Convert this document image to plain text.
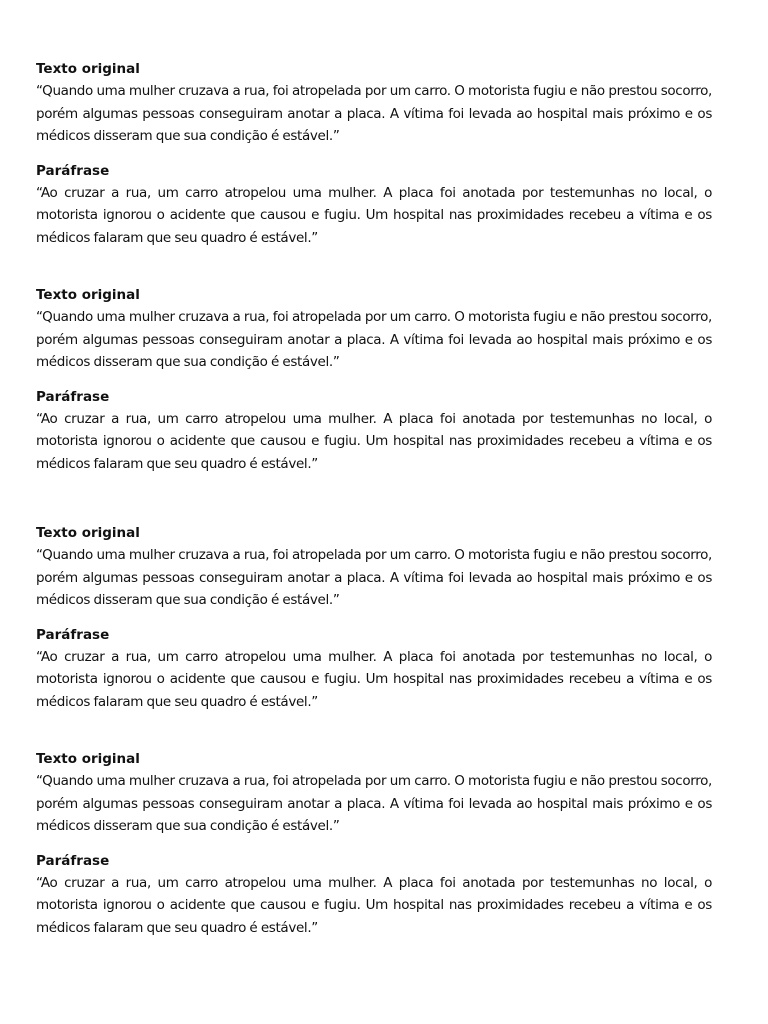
Texto original

“Quando uma mulher cruzava a rua, foi atropelada por um carro. O motorista fugiu e não prestou socorro, porém algumas pessoas conseguiram anotar a placa. A vítima foi levada ao hospital mais próximo e os médicos disseram que sua condição é estável.”

Paráfrase

“Ao cruzar a rua, um carro atropelou uma mulher. A placa foi anotada por testemunhas no local, o motorista ignorou o acidente que causou e fugiu. Um hospital nas proximidades recebeu a vítima e os médicos falaram que seu quadro é estável.”

Texto original

“Quando uma mulher cruzava a rua, foi atropelada por um carro. O motorista fugiu e não prestou socorro, porém algumas pessoas conseguiram anotar a placa. A vítima foi levada ao hospital mais próximo e os médicos disseram que sua condição é estável.”

Paráfrase

“Ao cruzar a rua, um carro atropelou uma mulher. A placa foi anotada por testemunhas no local, o motorista ignorou o acidente que causou e fugiu. Um hospital nas proximidades recebeu a vítima e os médicos falaram que seu quadro é estável.”

Texto original

“Quando uma mulher cruzava a rua, foi atropelada por um carro. O motorista fugiu e não prestou socorro, porém algumas pessoas conseguiram anotar a placa. A vítima foi levada ao hospital mais próximo e os médicos disseram que sua condição é estável.”

Paráfrase

“Ao cruzar a rua, um carro atropelou uma mulher. A placa foi anotada por testemunhas no local, o motorista ignorou o acidente que causou e fugiu. Um hospital nas proximidades recebeu a vítima e os médicos falaram que seu quadro é estável.”

Texto original

“Quando uma mulher cruzava a rua, foi atropelada por um carro. O motorista fugiu e não prestou socorro, porém algumas pessoas conseguiram anotar a placa. A vítima foi levada ao hospital mais próximo e os médicos disseram que sua condição é estável.”

Paráfrase

“Ao cruzar a rua, um carro atropelou uma mulher. A placa foi anotada por testemunhas no local, o motorista ignorou o acidente que causou e fugiu. Um hospital nas proximidades recebeu a vítima e os médicos falaram que seu quadro é estável.”
